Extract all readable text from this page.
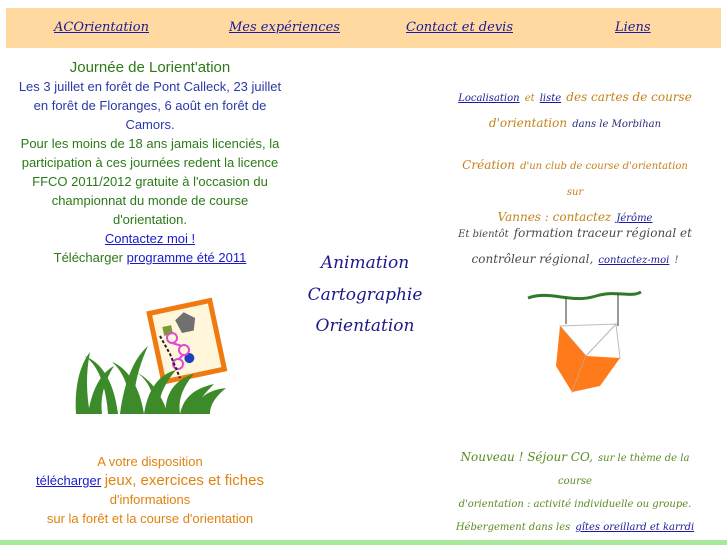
ACOrientation	Mes expériences	Contact et devis	Liens
Journée de Lorient'ation
Les 3 juillet en forêt de Pont Calleck, 23 juillet
en forêt de Floranges, 6 août en forêt de
Camors.
Pour les moins de 18 ans jamais licenciés, la
participation à ces journées redent la licence
FFCO 2011/2012 gratuite à l'occasion du
championnat du monde de course
d'orientation.
Contactez moi !
Télécharger programme été 2011
A votre disposition
télécharger jeux, exercices et fiches
d'informations
sur la forêt et la course d'orientation
Animation
Cartographie
Orientation
Localisation et liste des cartes de course
d'orientation dans le Morbihan
Création d'un club de course d'orientation sur
Vannes : contactez Jérôme
Et bientôt formation traceur régional et
contrôleur régional, contactez-moi !
Nouveau ! Séjour CO, sur le thème de la course
d'orientation : activité individuelle ou groupe.
Hébergement dans les gîtes oreillard et karrdi
